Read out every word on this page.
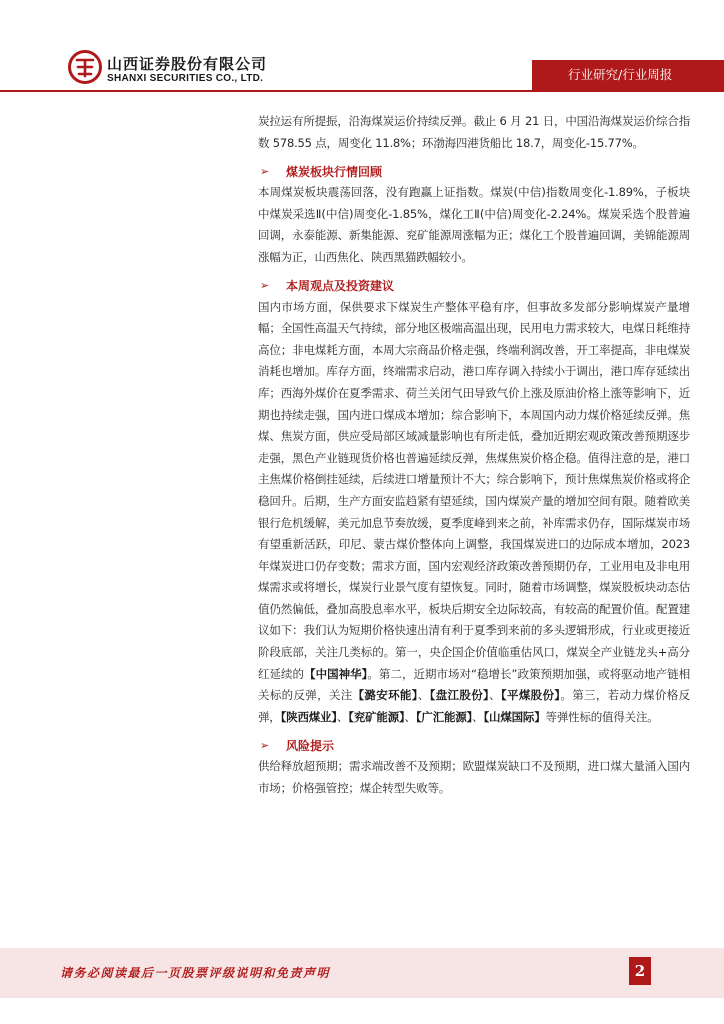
山西证券股份有限公司
SHANXI SECURITIES CO., LTD.	行业研究/行业周报

炭拉运有所提振，沿海煤炭运价持续反弹。截止 6 月 21 日，中国沿海煤炭运价综合指数 578.55 点，周变化 11.8%；环渤海四港货船比 18.7，周变化-15.77%。

➢	煤炭板块行情回顾

本周煤炭板块震荡回落，没有跑赢上证指数。煤炭(中信)指数周变化-1.89%，子板块中煤炭采选Ⅱ(中信)周变化-1.85%，煤化工Ⅱ(中信)周变化-2.24%。煤炭采选个股普遍回调，永泰能源、新集能源、兖矿能源周涨幅为正；煤化工个股普遍回调，美锦能源周涨幅为正，山西焦化、陕西黑猫跌幅较小。

➢	本周观点及投资建议

国内市场方面，保供要求下煤炭生产整体平稳有序，但事故多发部分影响煤炭产量增幅；全国性高温天气持续，部分地区极端高温出现，民用电力需求较大，电煤日耗维持高位；非电煤耗方面，本周大宗商品价格走强，终端利润改善，开工率提高，非电煤炭消耗也增加。库存方面，终端需求启动，港口库存调入持续小于调出，港口库存延续出库；西海外煤价在夏季需求、荷兰关闭气田导致气价上涨及原油价格上涨等影响下，近期也持续走强，国内进口煤成本增加；综合影响下，本周国内动力煤价格延续反弹。焦煤、焦炭方面，供应受局部区域减量影响也有所走低，叠加近期宏观政策改善预期逐步走强，黑色产业链现货价格也普遍延续反弹，焦煤焦炭价格企稳。值得注意的是，港口主焦煤价格倒挂延续，后续进口增量预计不大；综合影响下，预计焦煤焦炭价格或将企稳回升。后期，生产方面安监趋紧有望延续，国内煤炭产量的增加空间有限。随着欧美银行危机缓解，美元加息节奏放缓，夏季度峰到来之前，补库需求仍存，国际煤炭市场有望重新活跃，印尼、蒙古煤价整体向上调整，我国煤炭进口的边际成本增加，2023 年煤炭进口仍存变数；需求方面，国内宏观经济政策改善预期仍存，工业用电及非电用煤需求或将增长，煤炭行业景气度有望恢复。同时，随着市场调整，煤炭股板块动态估值仍然偏低，叠加高股息率水平，板块后期安全边际较高，有较高的配置价值。配置建议如下：我们认为短期价格快速出清有利于夏季到来前的多头逻辑形成，行业或更接近阶段底部，关注几类标的。第一，央企国企价值临重估风口，煤炭全产业链龙头+高分红延续的【中国神华】。第二，近期市场对“稳增长”政策预期加强，或将驱动地产链相关标的反弹，关注【潞安环能】、【盘江股份】、【平煤股份】。第三，若动力煤价格反弹，【陕西煤业】、【兖矿能源】、【广汇能源】、【山煤国际】等弹性标的值得关注。

➢	风险提示

供给释放超预期；需求端改善不及预期；欧盟煤炭缺口不及预期，进口煤大量涌入国内市场；价格强管控；煤企转型失败等。

请务必阅读最后一页股票评级说明和免责声明	2
